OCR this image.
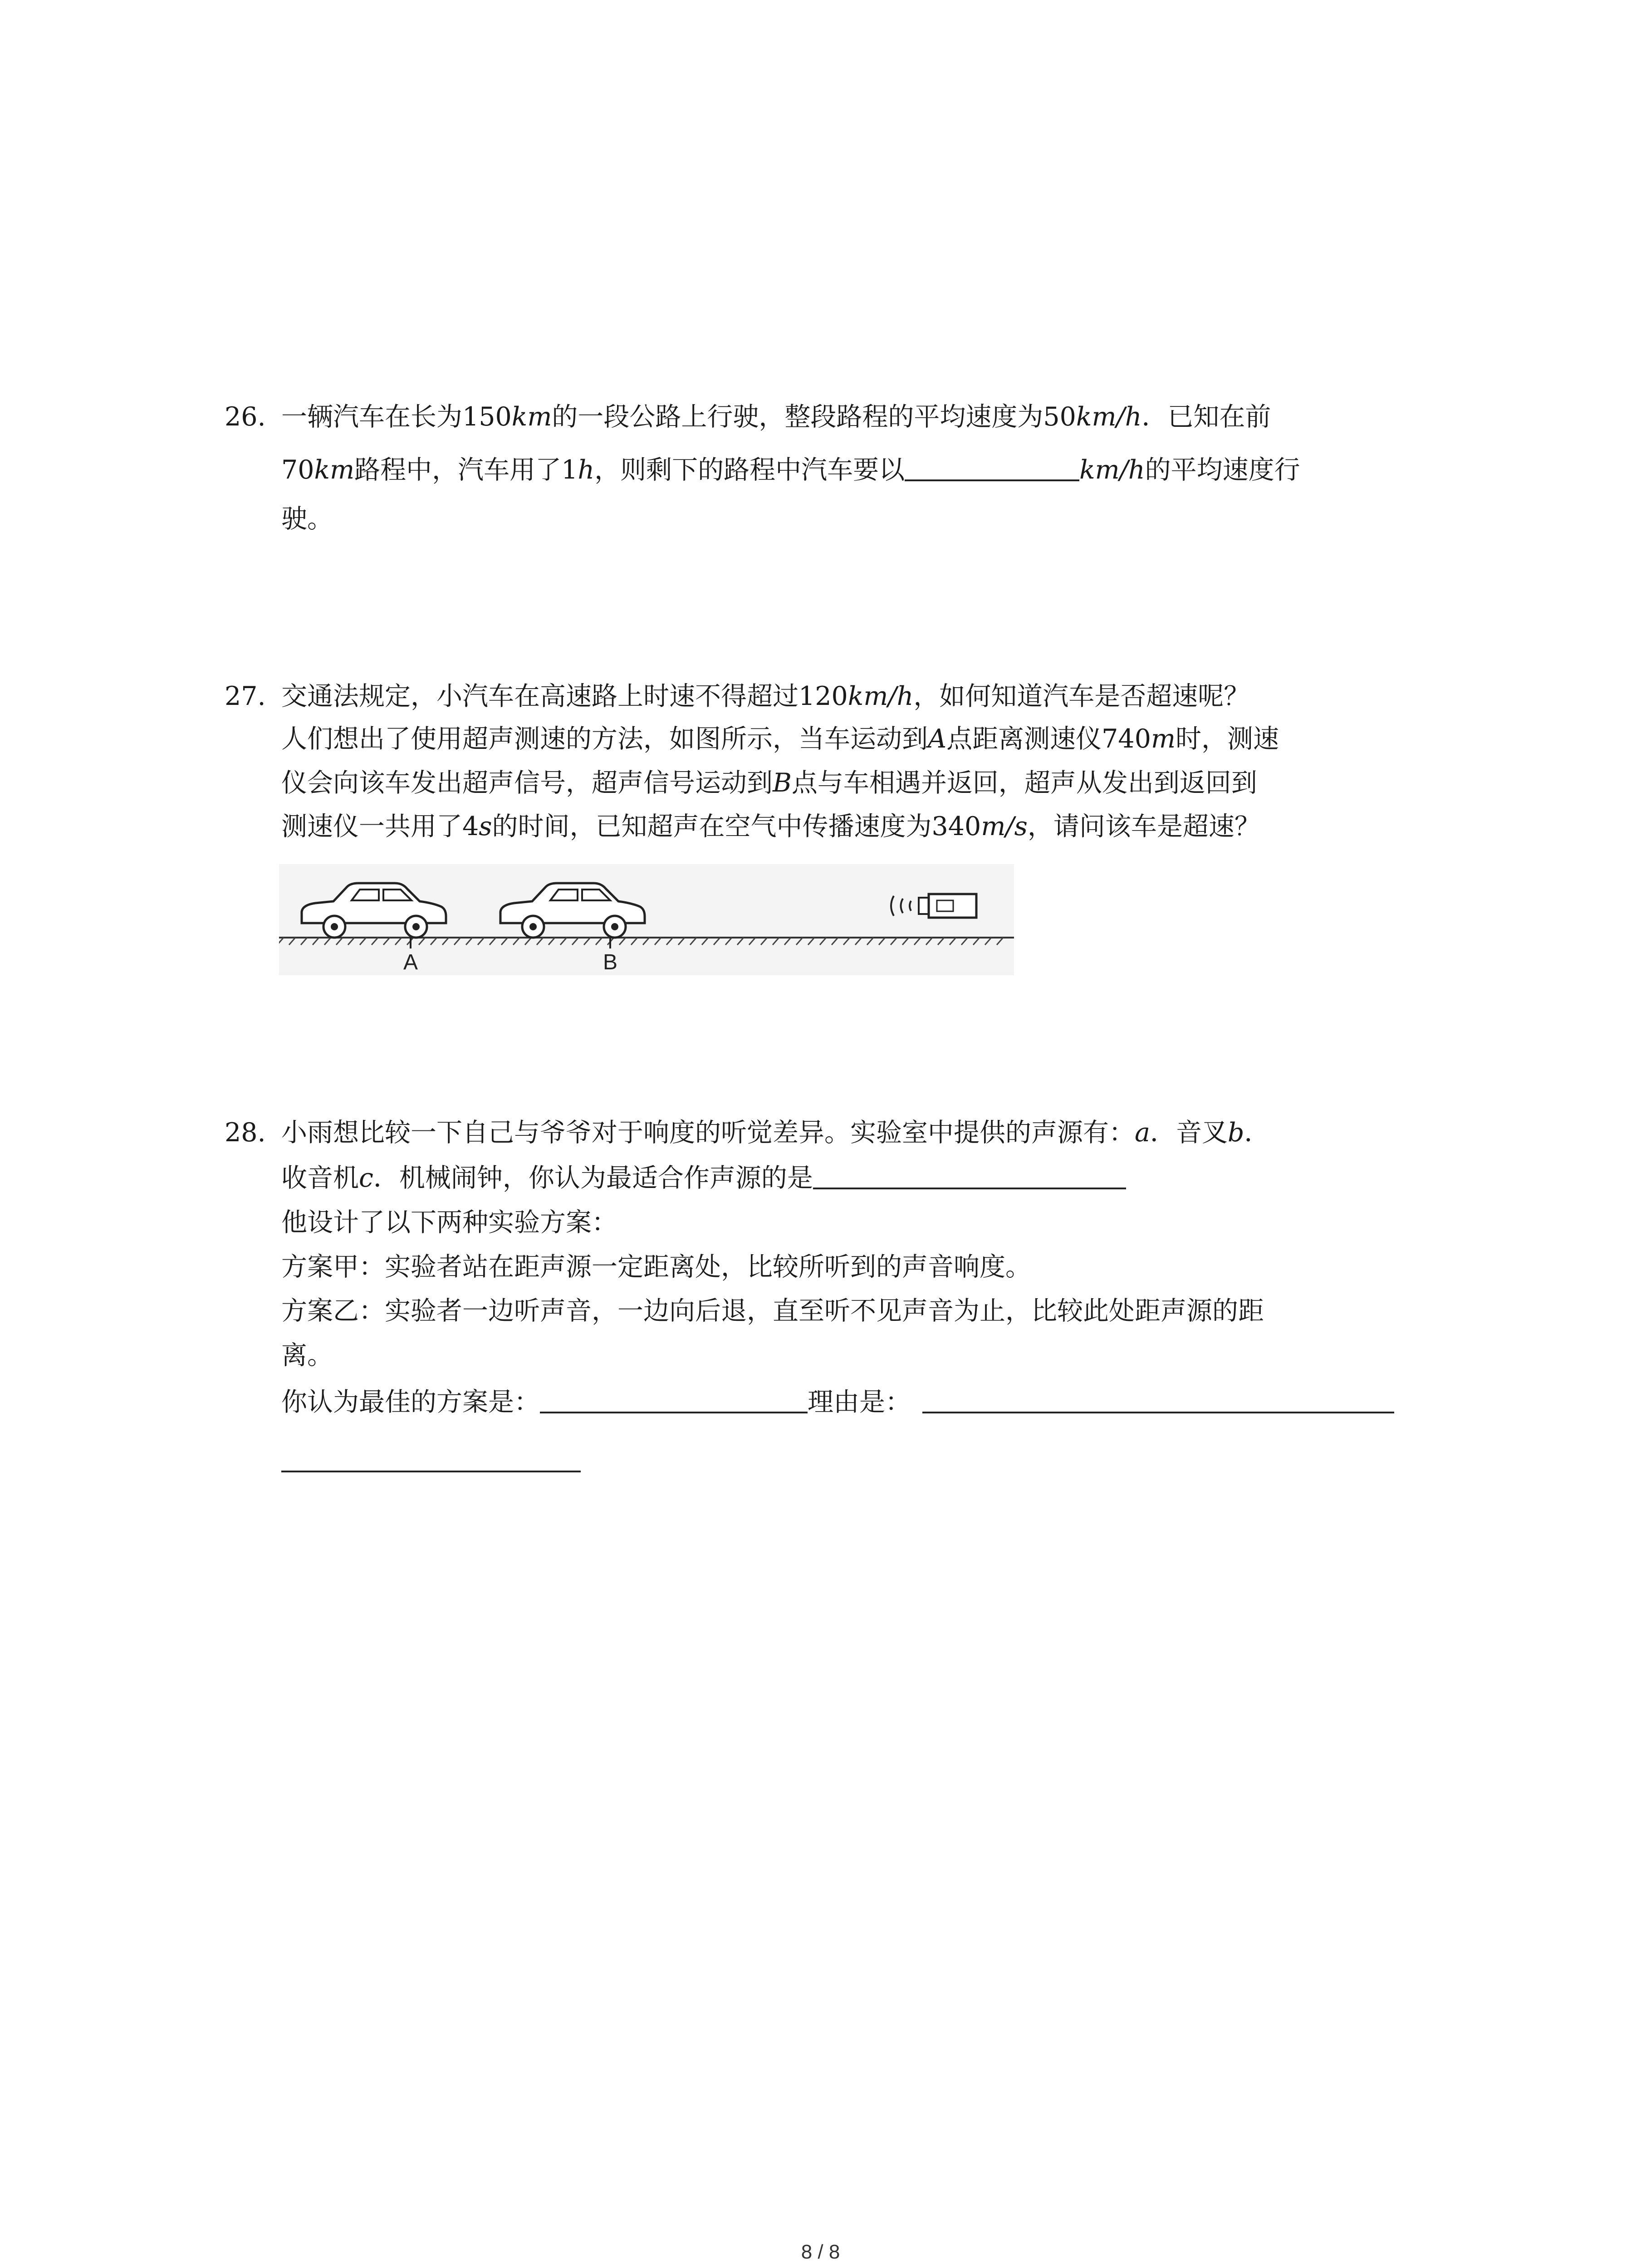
26. 一辆汽车在长为150km的一段公路上行驶，整段路程的平均速度为50km/h．已知在前
70km路程中，汽车用了1h，则剩下的路程中汽车要以	km/h的平均速度行
驶。
27. 交通法规定，小汽车在高速路上时速不得超过120km/h，如何知道汽车是否超速呢？
人们想出了使用超声测速的方法，如图所示，当车运动到A点距离测速仪740m时，测速
仪会向该车发出超声信号，超声信号运动到B点与车相遇并返回，超声从发出到返回到
测速仪一共用了4s的时间，已知超声在空气中传播速度为340m/s，请问该车是超速？
A	B
28. 小雨想比较一下自己与爷爷对于响度的听觉差异。实验室中提供的声源有：a．音叉b．
收音机c．机械闹钟，你认为最适合作声源的是
他设计了以下两种实验方案：
方案甲：实验者站在距声源一定距离处，比较所听到的声音响度。
方案乙：实验者一边听声音，一边向后退，直至听不见声音为止，比较此处距声源的距
离。
你认为最佳的方案是：	理由是：
8 / 8
